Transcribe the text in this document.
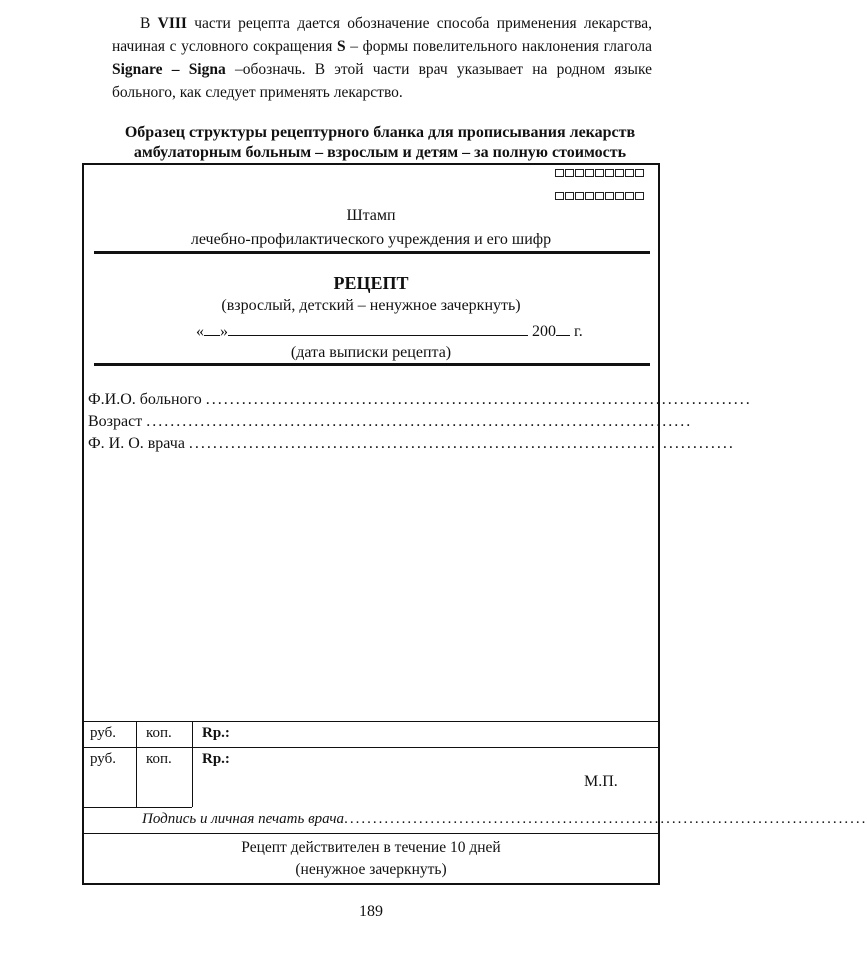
В VIII части рецепта дается обозначение способа применения лекарства, начиная с условного сокращения S – формы повелительного наклонения глагола Signare – Signa –обозначь. В этой части врач указывает на родном языке больного, как следует применять лекарство.
Образец структуры рецептурного бланка для прописывания лекарств
амбулаторным больным – взрослым и детям – за полную стоимость
Штамп
лечебно-профилактического учреждения и его шифр
РЕЦЕПТ
(взрослый, детский – ненужное зачеркнуть)
« »	200 г.
(дата выписки рецепта)
Ф.И.О. больного ...........................................................................................
Возраст ...........................................................................................
Ф. И. О. врача ...........................................................................................
руб. коп. Rp.:
руб. коп. Rp.:
М.П.
Подпись и личная печать врача...........................................................................................
Рецепт действителен в течение 10 дней
(ненужное зачеркнуть)
189
